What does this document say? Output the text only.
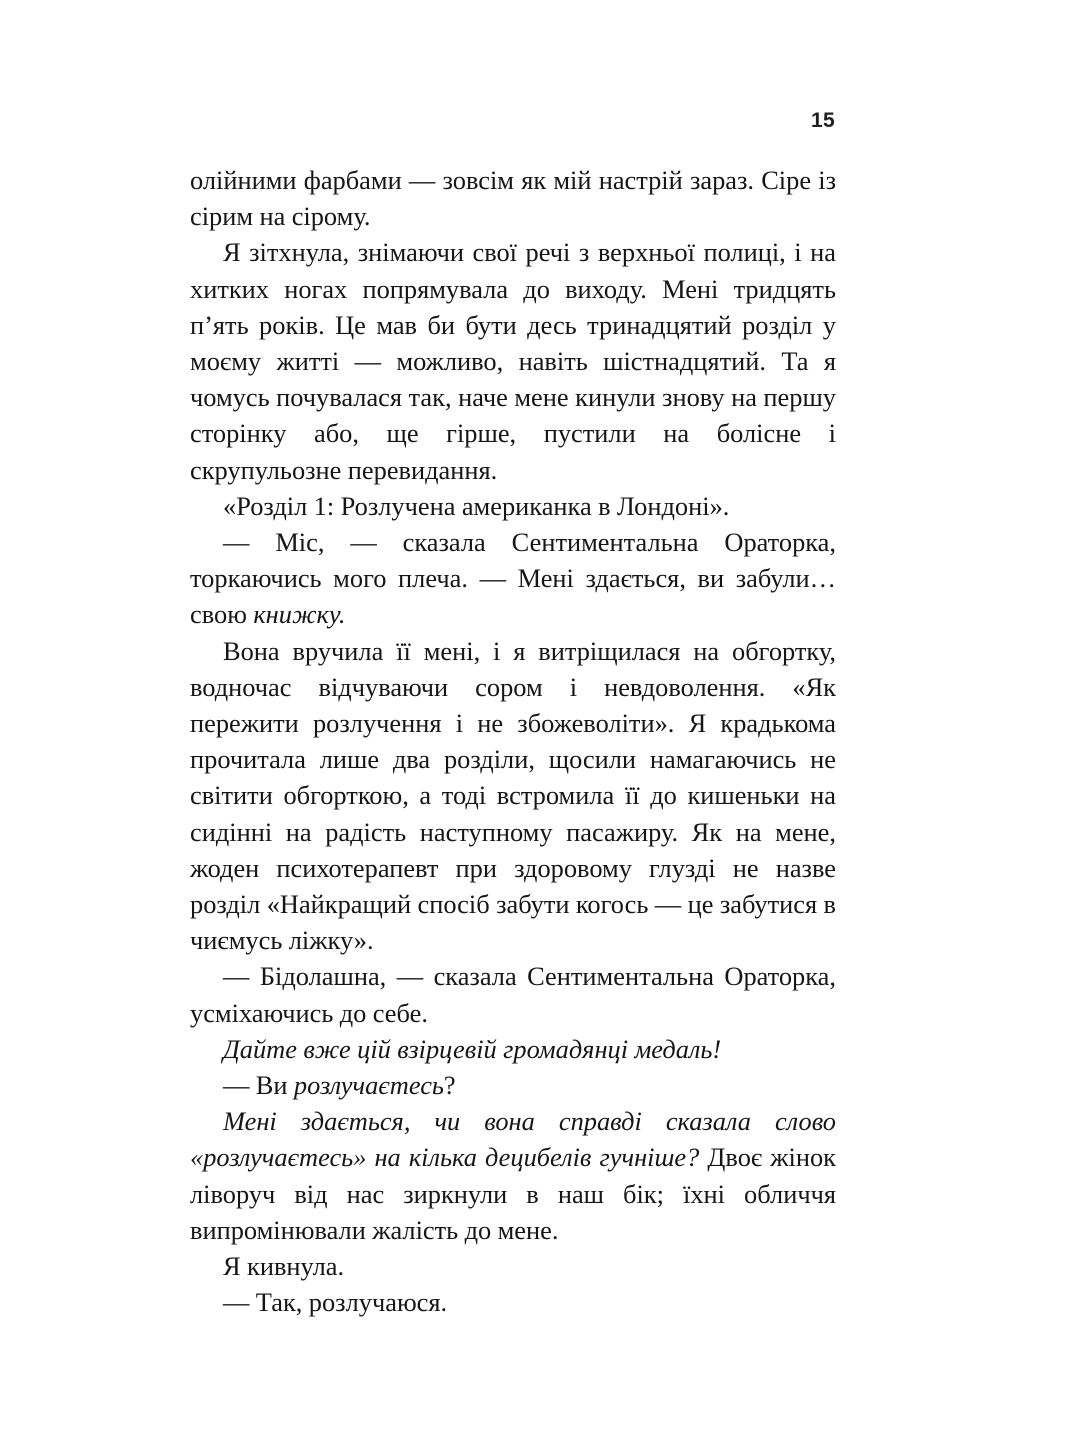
15

олійними фарбами — зовсім як мій настрій зараз. Сіре із сірим на сірому.

Я зітхнула, знімаючи свої речі з верхньої полиці, і на хитких ногах попрямувала до виходу. Мені тридцять п’ять років. Це мав би бути десь тринадцятий розділ у моєму житті — можливо, навіть шістнадцятий. Та я чомусь почувалася так, наче мене кинули знову на першу сторінку або, ще гірше, пустили на болісне і скрупульозне перевидання.

«Розділ 1: Розлучена американка в Лондоні».

— Міс, — сказала Сентиментальна Ораторка, торкаючись мого плеча. — Мені здається, ви забули… свою книжку.

Вона вручила її мені, і я витріщилася на обгортку, водночас відчуваючи сором і невдоволення. «Як пережити розлучення і не збожеволіти». Я крадькома прочитала лише два розділи, щосили намагаючись не світити обгорткою, а тоді встромила її до кишеньки на сидінні на радість наступному пасажиру. Як на мене, жоден психотерапевт при здоровому глузді не назве розділ «Найкращий спосіб забути когось — це забутися в чиємусь ліжку».

— Бідолашна, — сказала Сентиментальна Ораторка, усміхаючись до себе.

Дайте вже цій взірцевій громадянці медаль!

— Ви розлучаєтесь?

Мені здається, чи вона справді сказала слово «розлучаєтесь» на кілька децибелів гучніше? Двоє жінок ліворуч від нас зиркнули в наш бік; їхні обличчя випромінювали жалість до мене.

Я кивнула.

— Так, розлучаюся.
